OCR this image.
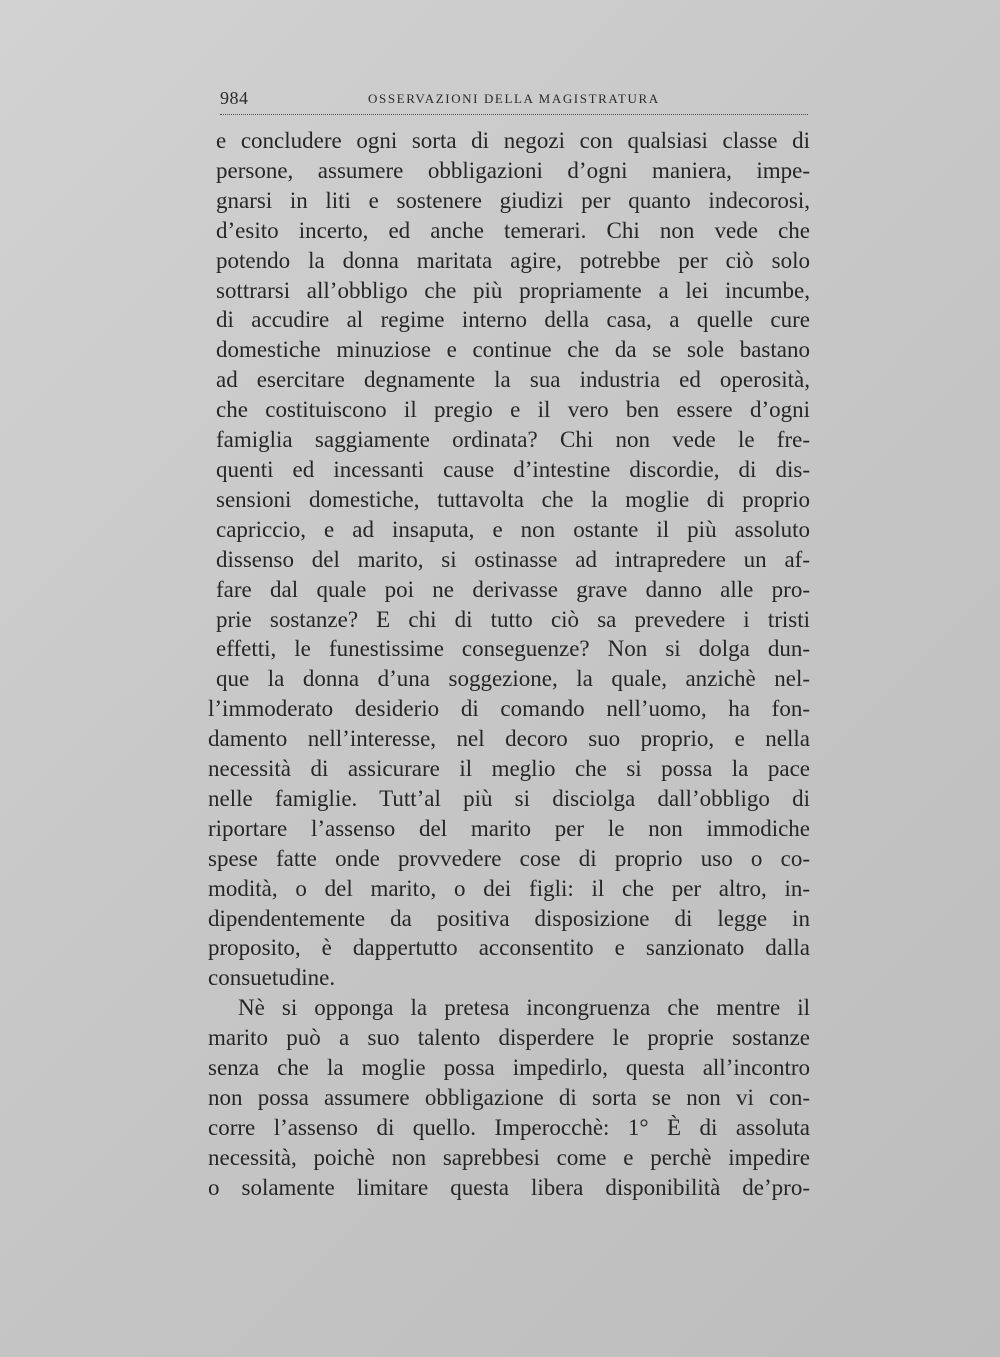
984	OSSERVAZIONI DELLA MAGISTRATURA
e concludere ogni sorta di negozi con qualsiasi classe di
persone, assumere obbligazioni d’ogni maniera, impe-
gnarsi in liti e sostenere giudizi per quanto indecorosi,
d’esito incerto, ed anche temerari. Chi non vede che
potendo la donna maritata agire, potrebbe per ciò solo
sottrarsi all’obbligo che più propriamente a lei incumbe,
di accudire al regime interno della casa, a quelle cure
domestiche minuziose e continue che da se sole bastano
ad esercitare degnamente la sua industria ed operosità,
che costituiscono il pregio e il vero ben essere d’ogni
famiglia saggiamente ordinata? Chi non vede le fre-
quenti ed incessanti cause d’intestine discordie, di dis-
sensioni domestiche, tuttavolta che la moglie di proprio
capriccio, e ad insaputa, e non ostante il più assoluto
dissenso del marito, si ostinasse ad intrapredere un af-
fare dal quale poi ne derivasse grave danno alle pro-
prie sostanze? E chi di tutto ciò sa prevedere i tristi
effetti, le funestissime conseguenze? Non si dolga dun-
que la donna d’una soggezione, la quale, anzichè nel-
l’immoderato desiderio di comando nell’uomo, ha fon-
damento nell’interesse, nel decoro suo proprio, e nella
necessità di assicurare il meglio che si possa la pace
nelle famiglie. Tutt’al più si disciolga dall’obbligo di
riportare l’assenso del marito per le non immodiche
spese fatte onde provvedere cose di proprio uso o co-
modità, o del marito, o dei figli: il che per altro, in-
dipendentemente da positiva disposizione di legge in
proposito, è dappertutto acconsentito e sanzionato dalla
consuetudine.
Nè si opponga la pretesa incongruenza che mentre il
marito può a suo talento disperdere le proprie sostanze
senza che la moglie possa impedirlo, questa all’incontro
non possa assumere obbligazione di sorta se non vi con-
corre l’assenso di quello. Imperocchè: 1° È di assoluta
necessità, poichè non saprebbesi come e perchè impedire
o solamente limitare questa libera disponibilità de’pro-
